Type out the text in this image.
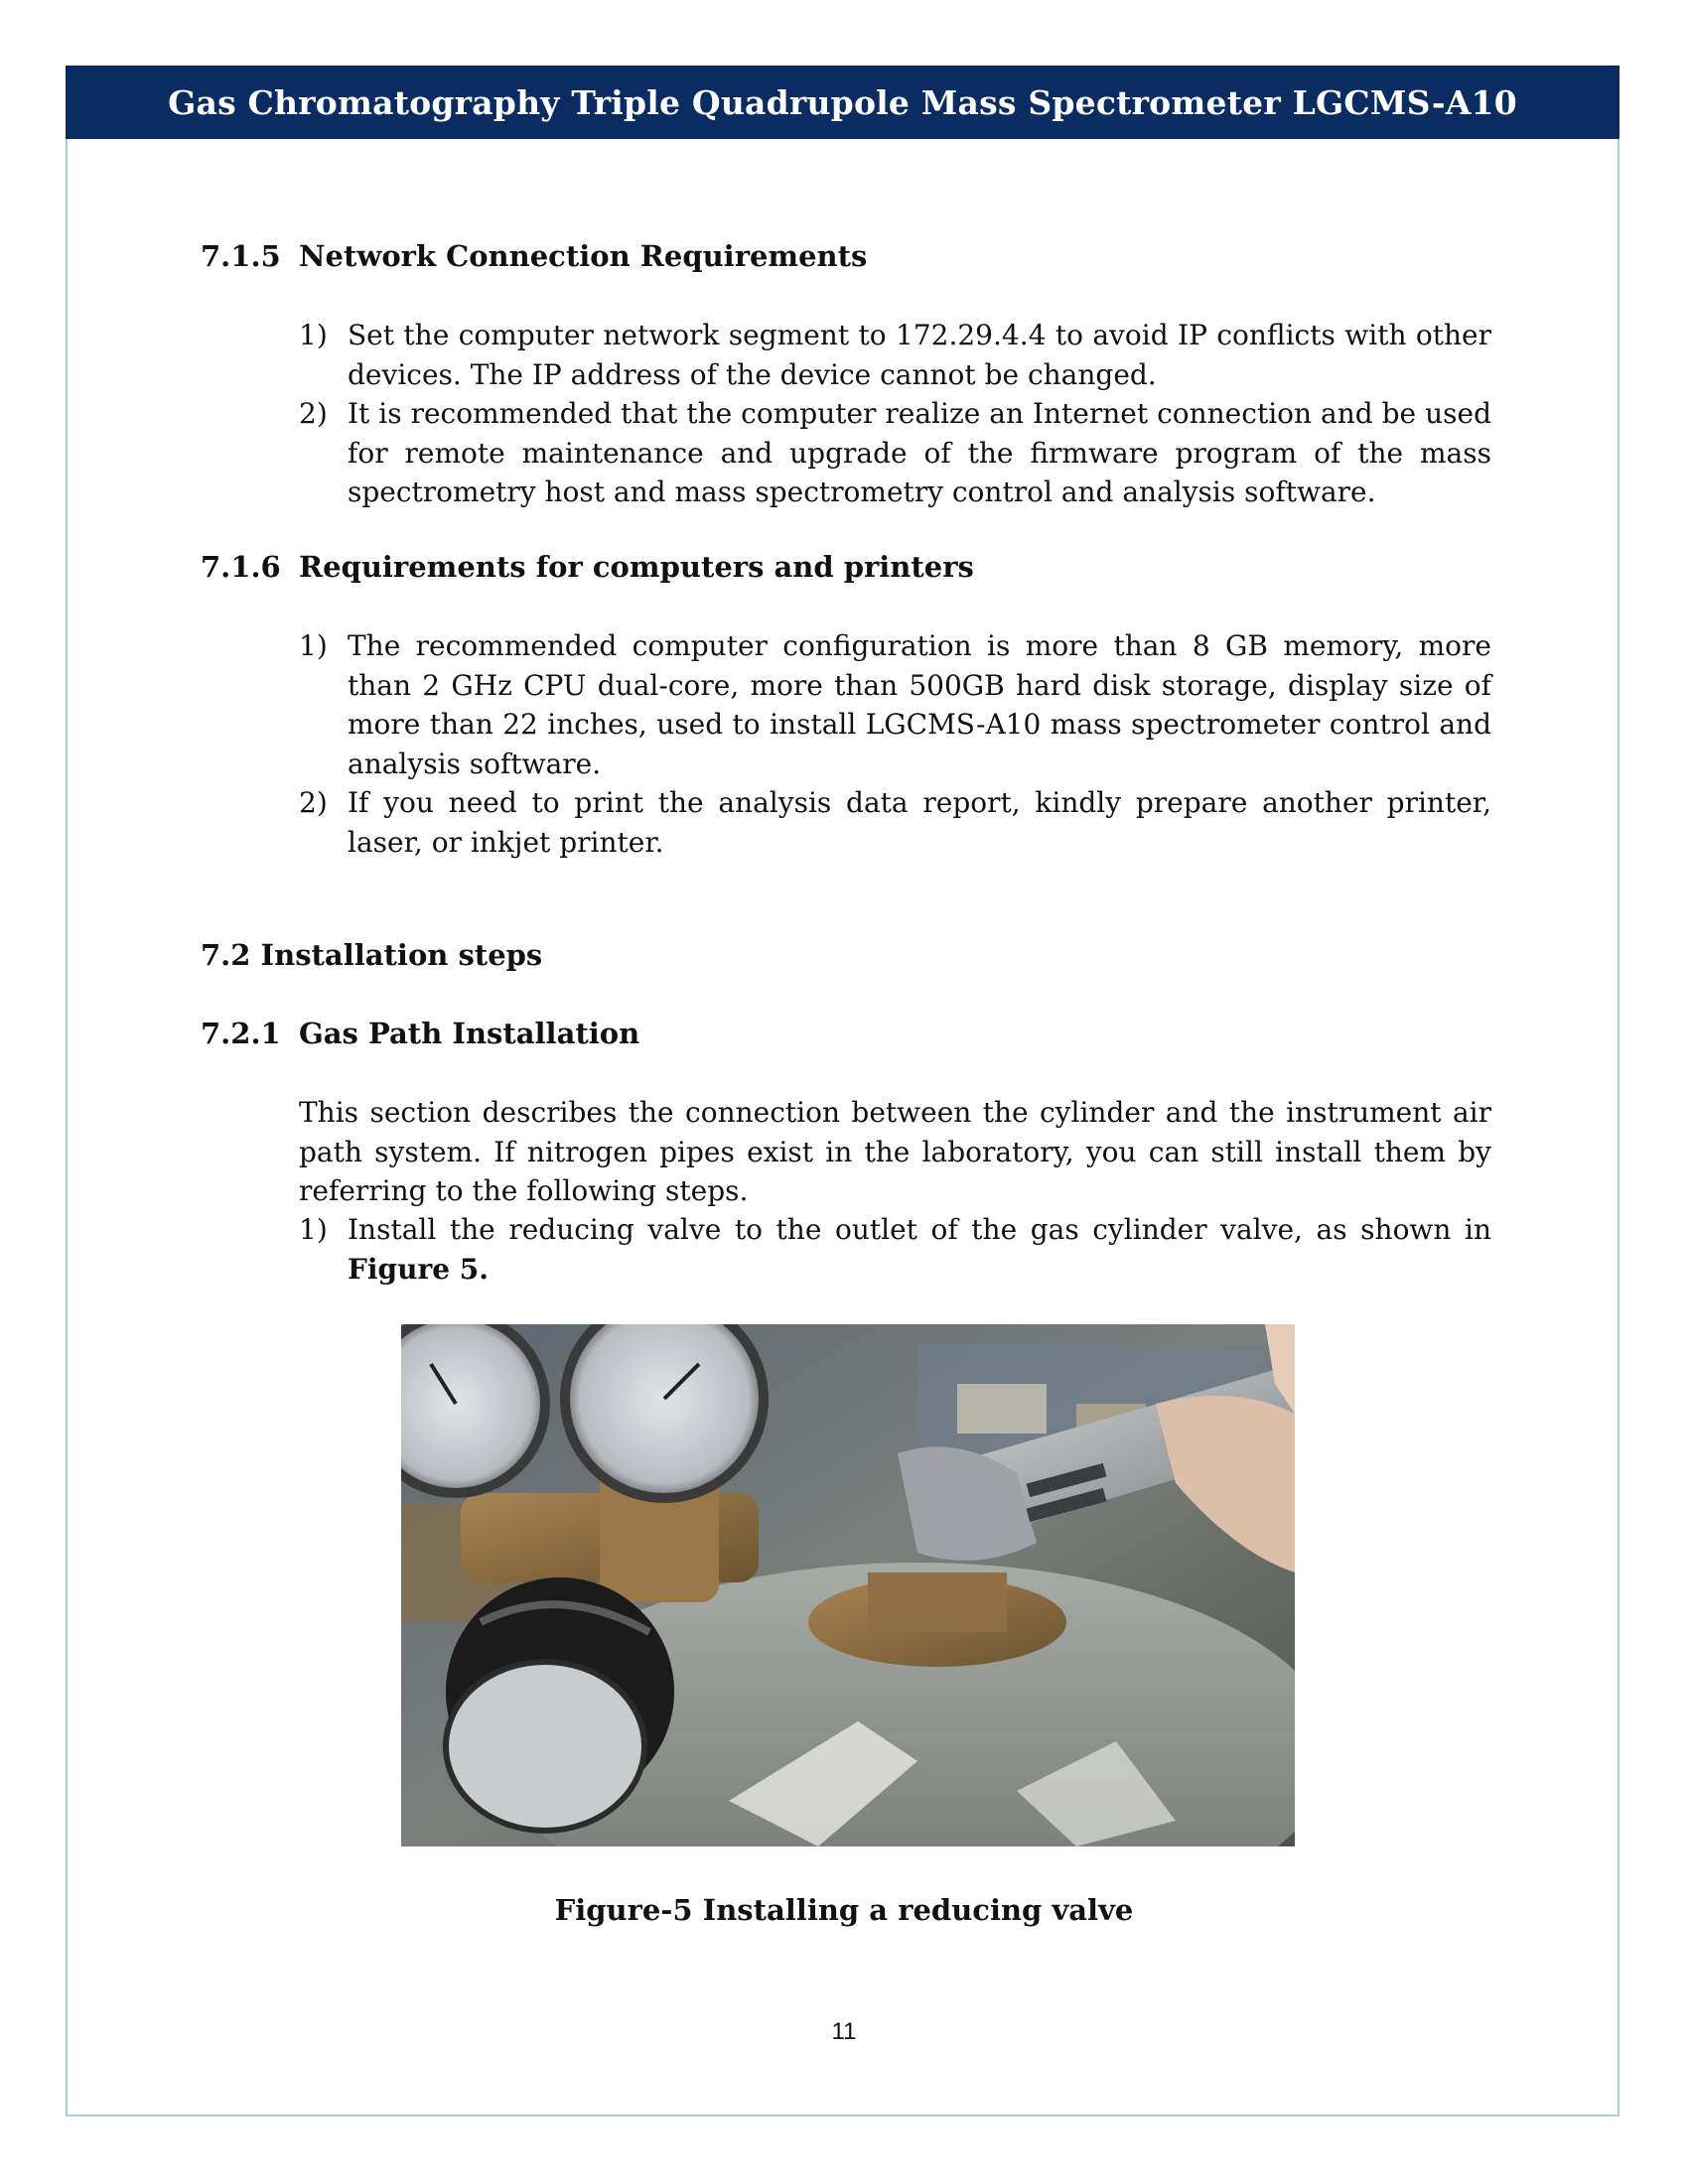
Gas Chromatography Triple Quadrupole Mass Spectrometer LGCMS-A10
7.1.5 Network Connection Requirements
1) Set the computer network segment to 172.29.4.4 to avoid IP conflicts with other devices. The IP address of the device cannot be changed.
2) It is recommended that the computer realize an Internet connection and be used for remote maintenance and upgrade of the firmware program of the mass spectrometry host and mass spectrometry control and analysis software.
7.1.6 Requirements for computers and printers
1) The recommended computer configuration is more than 8 GB memory, more than 2 GHz CPU dual-core, more than 500GB hard disk storage, display size of more than 22 inches, used to install LGCMS-A10 mass spectrometer control and analysis software.
2) If you need to print the analysis data report, kindly prepare another printer, laser, or inkjet printer.
7.2 Installation steps
7.2.1 Gas Path Installation
This section describes the connection between the cylinder and the instrument air path system. If nitrogen pipes exist in the laboratory, you can still install them by referring to the following steps.
1) Install the reducing valve to the outlet of the gas cylinder valve, as shown in Figure 5.
Figure-5 Installing a reducing valve
11
